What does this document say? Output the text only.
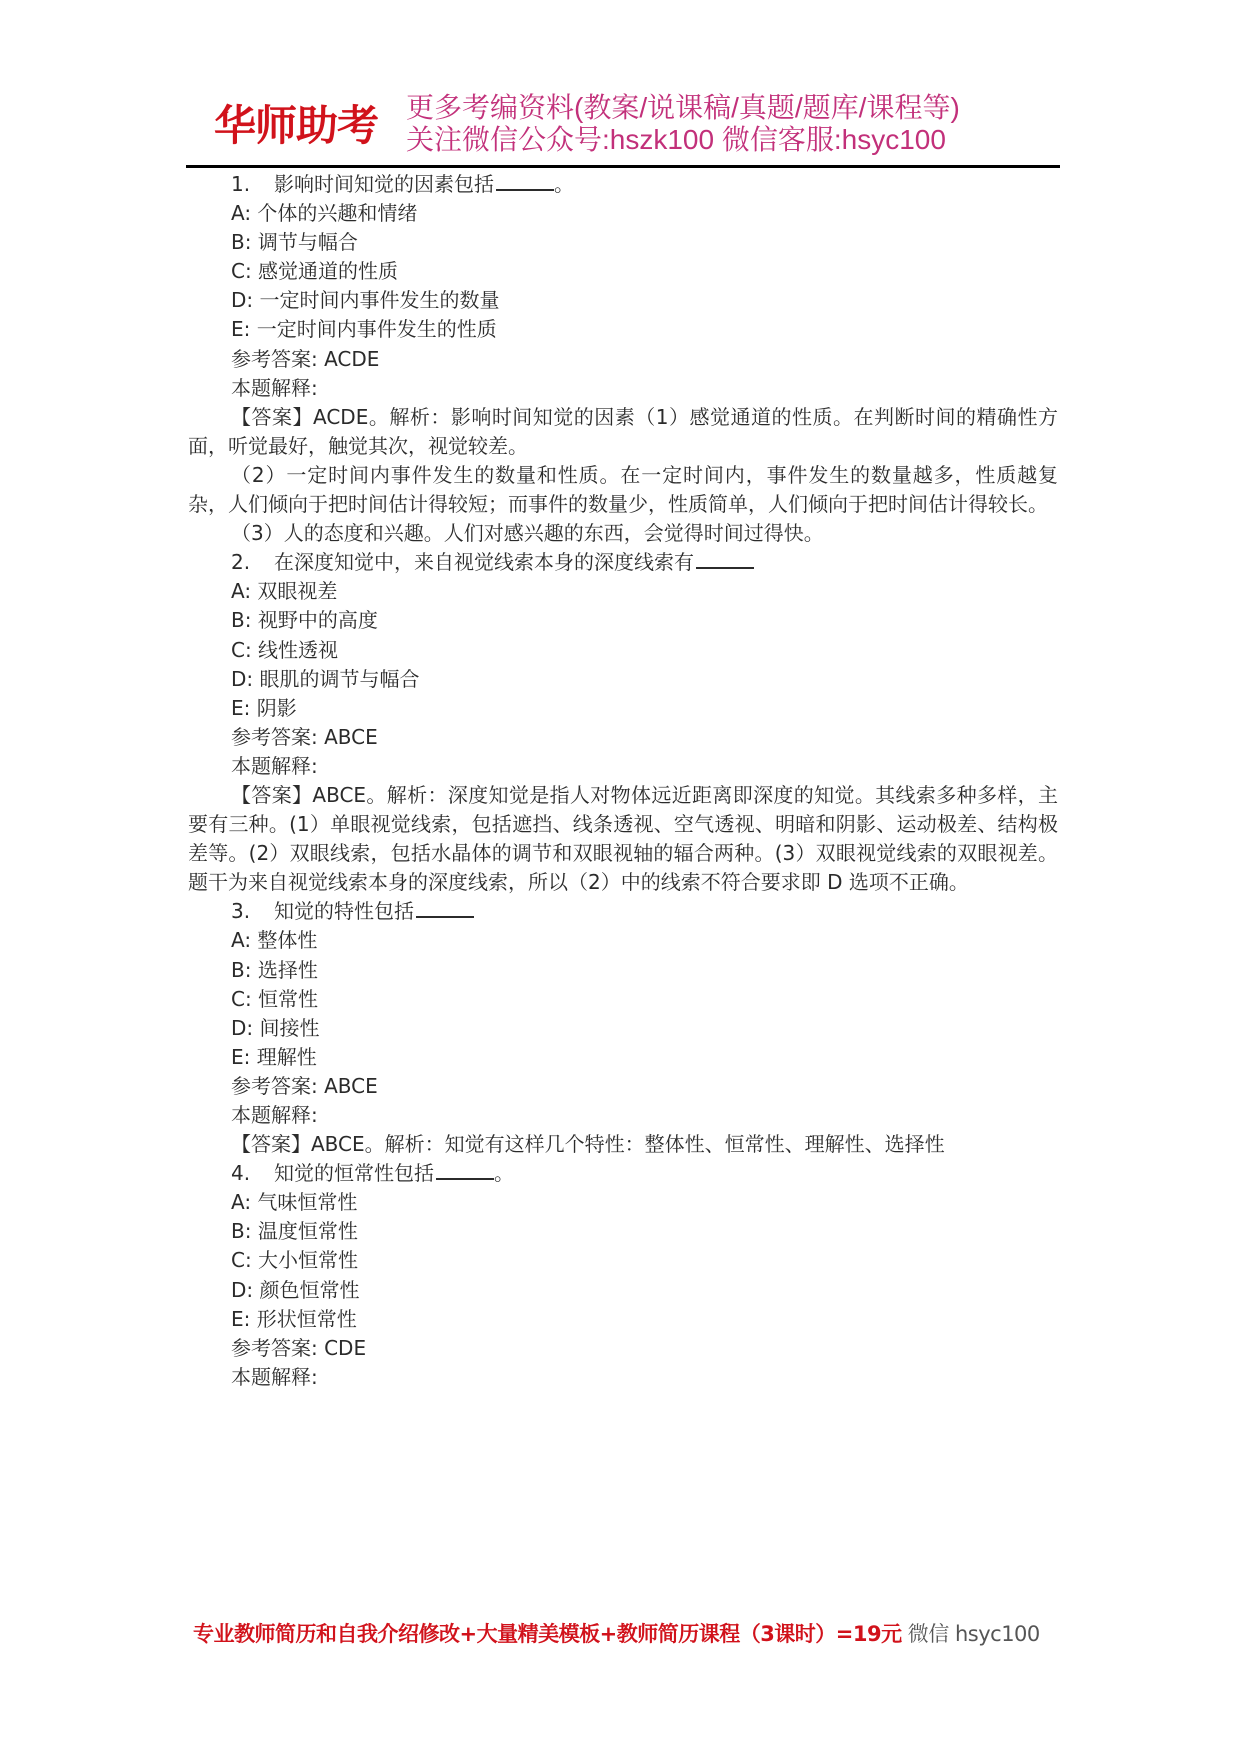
华师助考 更多考编资料(教案/说课稿/真题/题库/课程等)
关注微信公众号:hszk100 微信客服:hsyc100
1. 影响时间知觉的因素包括	。
A: 个体的兴趣和情绪
B: 调节与幅合
C: 感觉通道的性质
D: 一定时间内事件发生的数量
E: 一定时间内事件发生的性质
参考答案: ACDE
本题解释:
【答案】ACDE。解析：影响时间知觉的因素（1）感觉通道的性质。在判断时间的精确性方面，听觉最好，触觉其次，视觉较差。
（2）一定时间内事件发生的数量和性质。在一定时间内，事件发生的数量越多，性质越复杂，人们倾向于把时间估计得较短；而事件的数量少，性质简单，人们倾向于把时间估计得较长。
（3）人的态度和兴趣。人们对感兴趣的东西，会觉得时间过得快。
2. 在深度知觉中，来自视觉线索本身的深度线索有
A: 双眼视差
B: 视野中的高度
C: 线性透视
D: 眼肌的调节与幅合
E: 阴影
参考答案: ABCE
本题解释:
【答案】ABCE。解析：深度知觉是指人对物体远近距离即深度的知觉。其线索多种多样，主要有三种。(1）单眼视觉线索，包括遮挡、线条透视、空气透视、明暗和阴影、运动极差、结构极差等。(2）双眼线索，包括水晶体的调节和双眼视轴的辐合两种。(3）双眼视觉线索的双眼视差。题干为来自视觉线索本身的深度线索，所以（2）中的线索不符合要求即 D 选项不正确。
3. 知觉的特性包括
A: 整体性
B: 选择性
C: 恒常性
D: 间接性
E: 理解性
参考答案: ABCE
本题解释:
【答案】ABCE。解析：知觉有这样几个特性：整体性、恒常性、理解性、选择性
4. 知觉的恒常性包括	。
A: 气味恒常性
B: 温度恒常性
C: 大小恒常性
D: 颜色恒常性
E: 形状恒常性
参考答案: CDE
本题解释:
专业教师简历和自我介绍修改+大量精美模板+教师简历课程（3课时）=19元 微信 hsyc100
